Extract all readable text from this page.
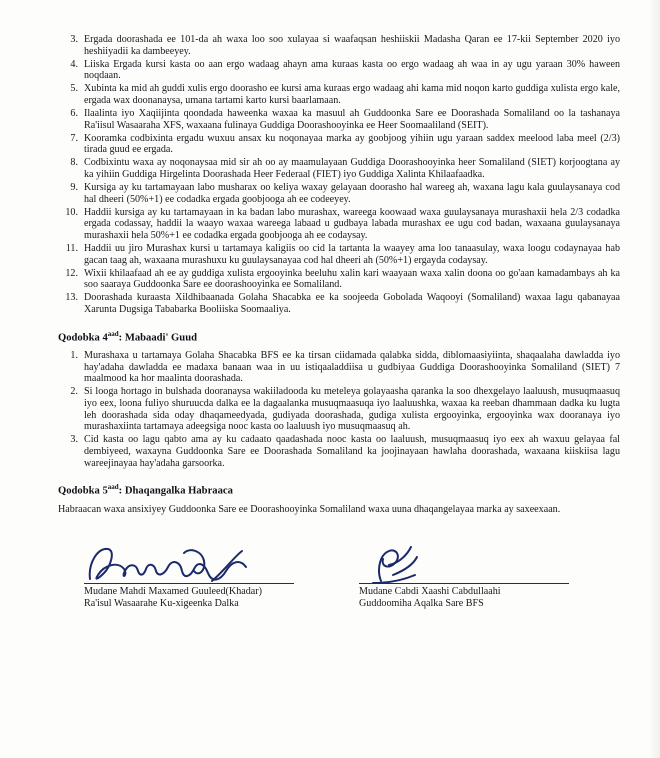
3. Ergada doorashada ee 101-da ah waxa loo soo xulayaa si waafaqsan heshiiskii Madasha Qaran ee 17-kii September 2020 iyo heshiiyadii ka dambeeyey.
4. Liiska Ergada kursi kasta oo aan ergo wadaag ahayn ama kuraas kasta oo ergo wadaag ah waa in ay ugu yaraan 30% haween noqdaan.
5. Xubinta ka mid ah guddi xulis ergo doorasho ee kursi ama kuraas ergo wadaag ahi kama mid noqon karto guddiga xulista ergo kale, ergada wax doonanaysa, umana tartami karto kursi baarlamaan.
6. Ilaalinta iyo Xaqiijinta qoondada haweenka waxaa ka masuul ah Guddoonka Sare ee Doorashada Somaliland oo la tashanaya Ra'iisul Wasaaraha XFS, waxaana fulinaya Guddiga Doorashooyinka ee Heer Soomaaliland (SEIT).
7. Kooramka codbixinta ergadu wuxuu ansax ku noqonayaa marka ay goobjoog yihiin ugu yaraan saddex meelood laba meel (2/3) tirada guud ee ergada.
8. Codbixintu waxa ay noqonaysaa mid sir ah oo ay maamulayaan Guddiga Doorashooyinka heer Somaliland (SIET) korjoogtana ay ka yihiin Guddiga Hirgelinta Doorashada Heer Federaal (FIET) iyo Guddiga Xalinta Khilaafaadka.
9. Kursiga ay ku tartamayaan labo musharax oo keliya waxay gelayaan doorasho hal wareeg ah, waxana lagu kala guulaysanaya cod hal dheeri (50%+1) ee codadka ergada goobjooga ah ee codeeyey.
10. Haddii kursiga ay ku tartamayaan in ka badan labo murashax, wareega koowaad waxa guulaysanaya murashaxii hela 2/3 codadka ergada codassay, haddii la waayo waxaa wareega labaad u gudbaya labada murashax ee ugu cod badan, waxaana guulaysanaya murashaxii hela 50%+1 ee codadka ergada goobjooga ah ee codaysay.
11. Haddii uu jiro Murashax kursi u tartamaya kaligiis oo cid la tartanta la waayey ama loo tanaasulay, waxa loogu codaynayaa hab gacan taag ah, waxaana murashuxu ku guulaysanayaa cod hal dheeri ah (50%+1) ergayda codaysay.
12. Wixii khilaafaad ah ee ay guddiga xulista ergooyinka beeluhu xalin kari waayaan waxa xalin doona oo go'aan kamadambays ah ka soo saaraya Guddoonka Sare ee doorashooyinka ee Somaliland.
13. Doorashada kuraasta Xildhibaanada Golaha Shacabka ee ka soojeeda Gobolada Waqooyi (Somaliland) waxaa lagu qabanayaa Xarunta Dugsiga Tababarka Booliiska Soomaaliya.
Qodobka $4^{aad}$: Mabaadi' Guud
1. Murashaxa u tartamaya Golaha Shacabka BFS ee ka tirsan ciidamada qalabka sidda, diblomaasiyiinta, shaqaalaha dawladda iyo hay'adaha dawladda ee madaxa banaan waa in uu istiqaaladdiisa u gudbiyaa Guddiga Doorashooyinka Somaliland (SIET) 7 maalmood ka hor maalinta doorashada.
2. Si looga hortago in bulshada dooranaysa wakiiladooda ku meteleya golayaasha qaranka la soo dhexgelayo laaluush, musuqmaasuq iyo eex, loona fuliyo shuruucda dalka ee la dagaalanka musuqmaasuqa iyo laaluushka, waxaa ka reeban dhammaan dadka ku lugta leh doorashada sida oday dhaqameedyada, gudiyada doorashada, gudiga xulista ergooyinka, ergooyinka wax dooranaya iyo murashaxiinta tartamaya adeegsiga nooc kasta oo laaluush iyo musuqmaasuq ah.
3. Cid kasta oo lagu qabto ama ay ku cadaato qaadashada nooc kasta oo laaluush, musuqmaasuq iyo eex ah waxuu gelayaa fal dembiyeed, waxayna Guddoonka Sare ee Doorashada Somaliland ka joojinayaan hawlaha doorashada, waxaana kiiskiisa lagu wareejinayaa hay'adaha garsoorka.
Qodobka $5^{aad}$: Dhaqangalka Habraaca

Habraacan waxa ansixiyey Guddoonka Sare ee Doorashooyinka Somaliland waxa uuna dhaqangelayaa marka ay saxeexaan.

Mudane Mahdi Maxamed Guuleed(Khadar)
Ra'isul Wasaarahe Ku-xigeenka Dalka
Mudane Cabdi Xaashi Cabdullaahi
Guddoomiha Aqalka Sare BFS
